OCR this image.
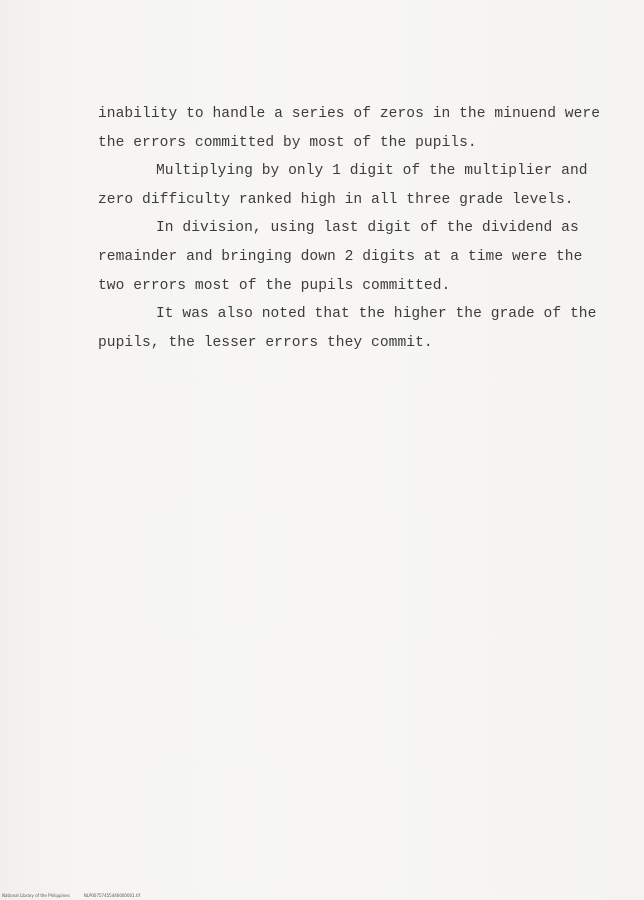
inability to handle a series of zeros in the minuend were
the errors committed by most of the pupils.
Multiplying by only 1 digit of the multiplier and
zero difficulty ranked high in all three grade levels.
In division, using last digit of the dividend as
remainder and bringing down 2 digits at a time were the
two errors most of the pupils committed.
It was also noted that the higher the grade of the
pupils, the lesser errors they commit.
National Library of the Philippines	NLP00757455446000001.tif
